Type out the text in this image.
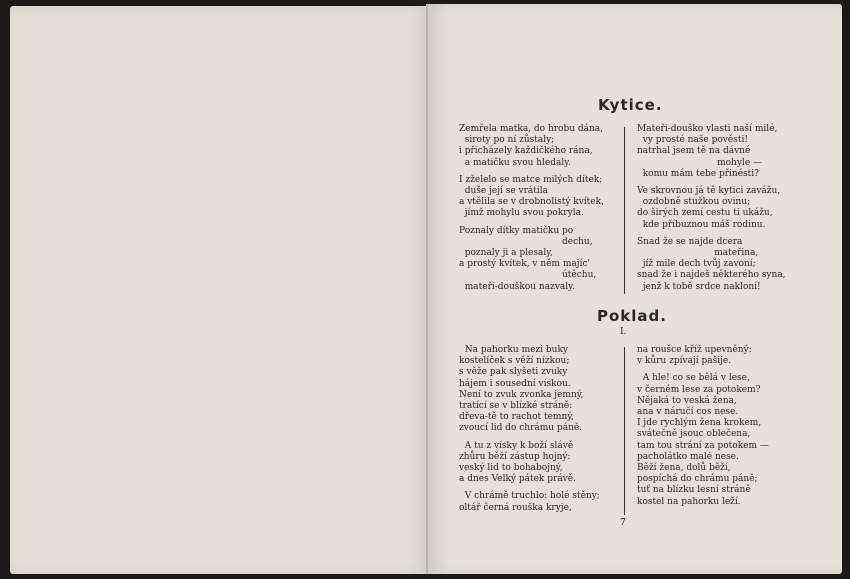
Kytice.
Zemřela matka, do hrobu dána,
siroty po ní zůstaly;
i přicházely každičkého rána,
a matičku svou hledaly.
I zželelo se matce milých dítek;
duše její se vrátila
a vtělila se v drobnolistý kvítek,
jímž mohylu svou pokryla.
Poznaly dítky matičku po
dechu,
poznaly ji a plesaly,
a prostý kvítek, v něm majíc'
útěchu,
mateři-douškou nazvaly.
Mateři-douško vlasti naší milé,
vy prosté naše pověsti!
natrhal jsem tě na dávné
mohyle —
komu mám tebe přinésti?
Ve skrovnou já tě kytici zavážu,
ozdobně stužkou ovinu;
do širých zemí cestu ti ukážu,
kde příbuznou máš rodinu.
Snad že se najde dcera
mateřina,
jíž mile dech tvůj zavoní;
snad že i najdeš některého syna,
jenž k tobě srdce nakloní!
Poklad.
I.
Na pahorku mezi buky
kostelíček s věží nízkou;
s věže pak slyšeti zvuky
hájem i sousední vískou.
Není to zvuk zvonka jemný,
tratící se v blízké stráně:
dřeva-tě to rachot temný,
zvoucí lid do chrámu páně.
A tu z vísky k boží slávě
zhůru běží zástup hojný:
veský lid to bohabojný,
a dnes Velký pátek právě.
V chrámě truchlo: holé stěny;
oltář černá rouška kryje,
na roušce kříž upevněný:
v kůru zpívají pašije.
A hle! co se bělá v lese,
v černém lese za potokem?
Nějaká to veská žena,
ana v náručí cos nese.
I jde rychlým žena krokem,
svátečně jsouc oblečena,
tam tou strání za potokem —
pacholátko malé nese.
Běží žena, dolů běží,
pospíchá do chrámu páně;
tuť na blízku lesní stráně
kostel na pahorku leží.
7
